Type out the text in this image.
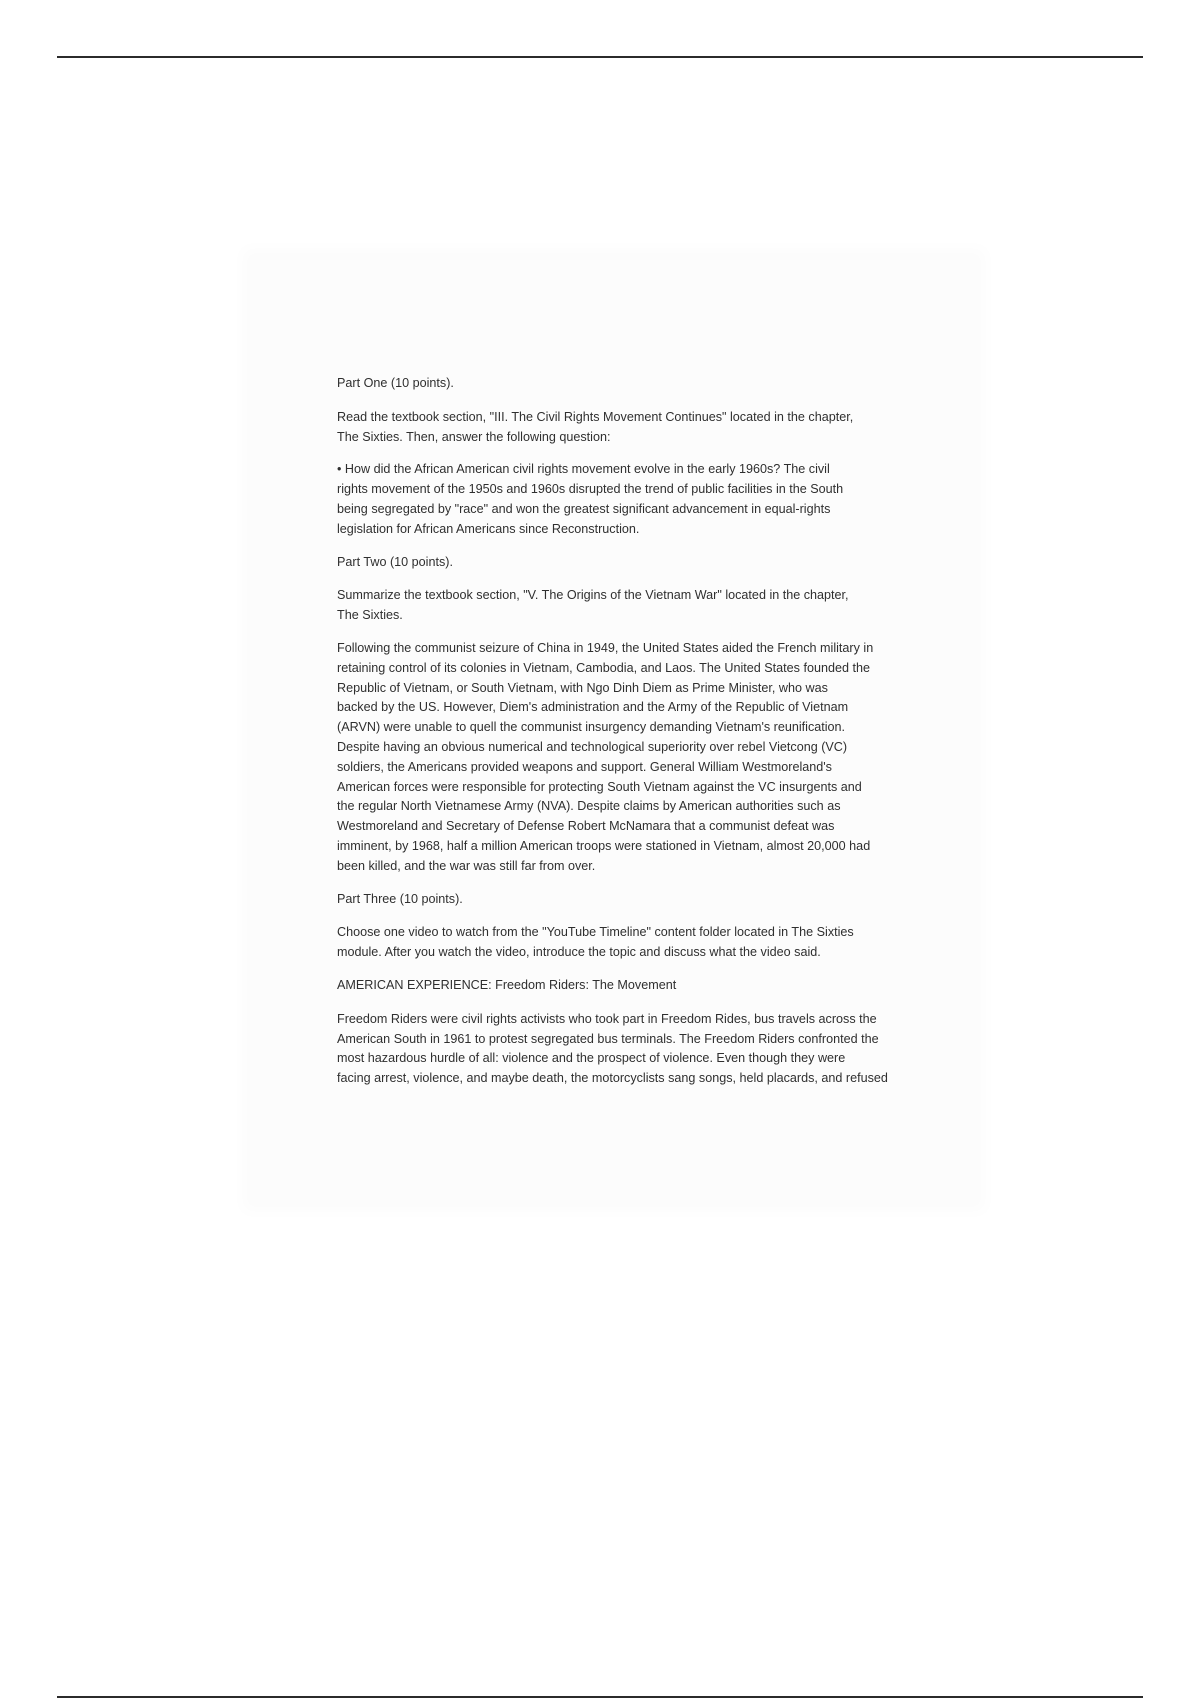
Part One (10 points).

Read the textbook section, "III. The Civil Rights Movement Continues" located in the chapter,
The Sixties. Then, answer the following question:

• How did the African American civil rights movement evolve in the early 1960s? The civil
rights movement of the 1950s and 1960s disrupted the trend of public facilities in the South
being segregated by "race" and won the greatest significant advancement in equal-rights
legislation for African Americans since Reconstruction.

Part Two (10 points).

Summarize the textbook section, "V. The Origins of the Vietnam War" located in the chapter,
The Sixties.

Following the communist seizure of China in 1949, the United States aided the French military in
retaining control of its colonies in Vietnam, Cambodia, and Laos. The United States founded the
Republic of Vietnam, or South Vietnam, with Ngo Dinh Diem as Prime Minister, who was
backed by the US. However, Diem's administration and the Army of the Republic of Vietnam
(ARVN) were unable to quell the communist insurgency demanding Vietnam's reunification.
Despite having an obvious numerical and technological superiority over rebel Vietcong (VC)
soldiers, the Americans provided weapons and support. General William Westmoreland's
American forces were responsible for protecting South Vietnam against the VC insurgents and
the regular North Vietnamese Army (NVA). Despite claims by American authorities such as
Westmoreland and Secretary of Defense Robert McNamara that a communist defeat was
imminent, by 1968, half a million American troops were stationed in Vietnam, almost 20,000 had
been killed, and the war was still far from over.

Part Three (10 points).

Choose one video to watch from the "YouTube Timeline" content folder located in The Sixties
module. After you watch the video, introduce the topic and discuss what the video said.

AMERICAN EXPERIENCE: Freedom Riders: The Movement

Freedom Riders were civil rights activists who took part in Freedom Rides, bus travels across the
American South in 1961 to protest segregated bus terminals. The Freedom Riders confronted the
most hazardous hurdle of all: violence and the prospect of violence. Even though they were
facing arrest, violence, and maybe death, the motorcyclists sang songs, held placards, and refused
